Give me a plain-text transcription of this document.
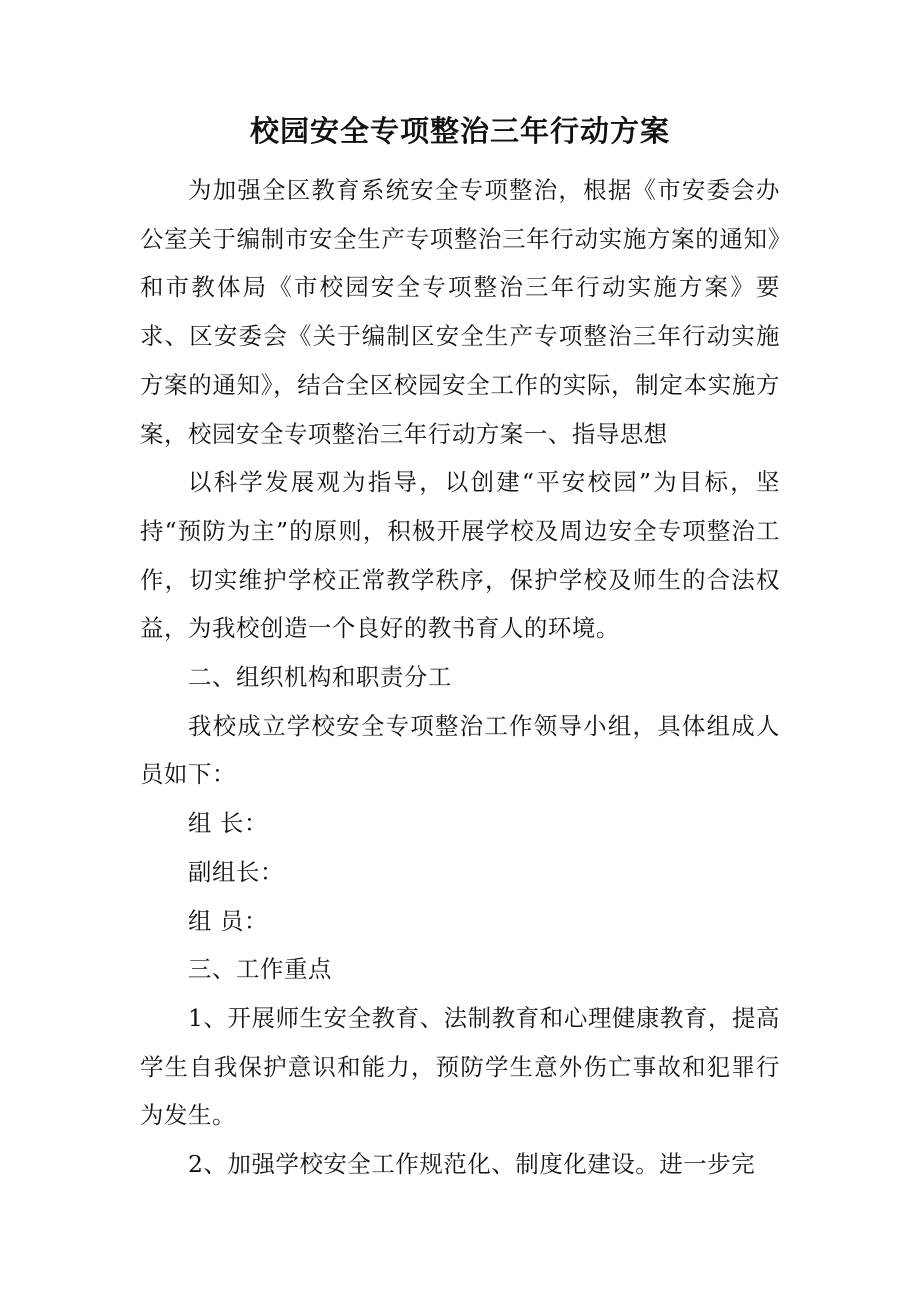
校园安全专项整治三年行动方案

为加强全区教育系统安全专项整治，根据《市安委会办公室关于编制市安全生产专项整治三年行动实施方案的通知》和市教体局《市校园安全专项整治三年行动实施方案》要求、区安委会《关于编制区安全生产专项整治三年行动实施方案的通知》，结合全区校园安全工作的实际，制定本实施方案，校园安全专项整治三年行动方案一、指导思想

以科学发展观为指导，以创建“平安校园”为目标，坚持“预防为主”的原则，积极开展学校及周边安全专项整治工作，切实维护学校正常教学秩序，保护学校及师生的合法权益，为我校创造一个良好的教书育人的环境。

二、组织机构和职责分工

我校成立学校安全专项整治工作领导小组，具体组成人员如下：

组 长：

副组长：

组 员：

三、工作重点

1、开展师生安全教育、法制教育和心理健康教育，提高学生自我保护意识和能力，预防学生意外伤亡事故和犯罪行为发生。

2、加强学校安全工作规范化、制度化建设。进一步完
